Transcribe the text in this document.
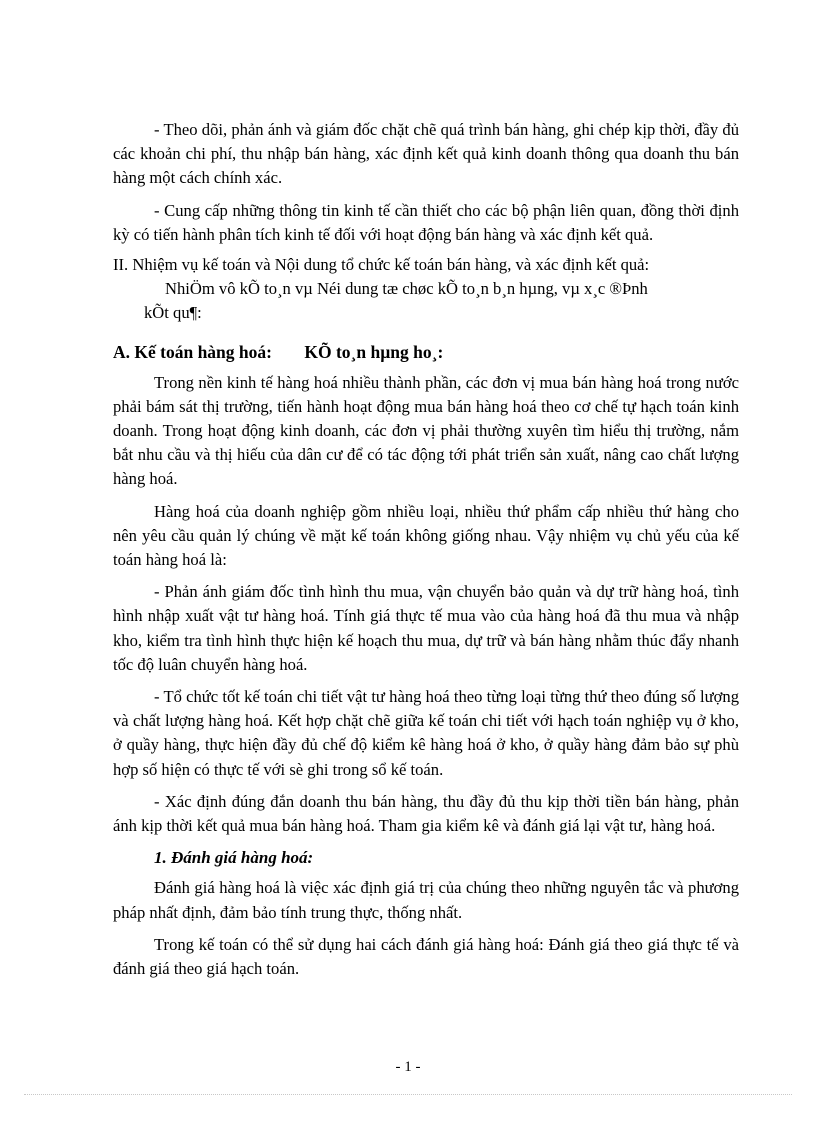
- Theo dõi, phản ánh và giám đốc chặt chẽ quá trình bán hàng, ghi chép kịp thời, đầy đủ các khoản chi phí, thu nhập bán hàng, xác định kết quả kinh doanh thông qua doanh thu bán hàng một cách chính xác.

- Cung cấp những thông tin kinh tế cần thiết cho các bộ phận liên quan, đồng thời định kỳ có tiến hành phân tích kinh tế đối với hoạt động bán hàng và xác định kết quả.

II. Nhiệm vụ kế toán và Nội dung tổ chức kế toán bán hàng, và xác định kết quả:

NhiÖm vô kÕ to¸n vµ Néi dung tæ chøc kÕ to¸n b¸n hµng, vµ x¸c ®Þnh
kÕt qu¶:

A. Kế toán hàng hoá: KÕ to¸n hµng ho¸:

Trong nền kinh tế hàng hoá nhiều thành phần, các đơn vị mua bán hàng hoá trong nước phải bám sát thị trường, tiến hành hoạt động mua bán hàng hoá theo cơ chế tự hạch toán kinh doanh. Trong hoạt động kinh doanh, các đơn vị phải thường xuyên tìm hiểu thị trường, nắm bắt nhu cầu và thị hiếu của dân cư để có tác động tới phát triển sản xuất, nâng cao chất lượng hàng hoá.

Hàng hoá của doanh nghiệp gồm nhiều loại, nhiều thứ phẩm cấp nhiều thứ hàng cho nên yêu cầu quản lý chúng về mặt kế toán không giống nhau. Vậy nhiệm vụ chủ yếu của kế toán hàng hoá là:

- Phản ánh giám đốc tình hình thu mua, vận chuyển bảo quản và dự trữ hàng hoá, tình hình nhập xuất vật tư hàng hoá. Tính giá thực tế mua vào của hàng hoá đã thu mua và nhập kho, kiểm tra tình hình thực hiện kế hoạch thu mua, dự trữ và bán hàng nhằm thúc đẩy nhanh tốc độ luân chuyển hàng hoá.

- Tổ chức tốt kế toán chi tiết vật tư hàng hoá theo từng loại từng thứ theo đúng số lượng và chất lượng hàng hoá. Kết hợp chặt chẽ giữa kế toán chi tiết với hạch toán nghiệp vụ ở kho, ở quầy hàng, thực hiện đầy đủ chế độ kiểm kê hàng hoá ở kho, ở quầy hàng đảm bảo sự phù hợp số hiện có thực tế với sè ghi trong sổ kế toán.

- Xác định đúng đắn doanh thu bán hàng, thu đầy đủ thu kịp thời tiền bán hàng, phản ánh kịp thời kết quả mua bán hàng hoá. Tham gia kiểm kê và đánh giá lại vật tư, hàng hoá.

1. Đánh giá hàng hoá:

Đánh giá hàng hoá là việc xác định giá trị của chúng theo những nguyên tắc và phương pháp nhất định, đảm bảo tính trung thực, thống nhất.

Trong kế toán có thể sử dụng hai cách đánh giá hàng hoá: Đánh giá theo giá thực tế và đánh giá theo giá hạch toán.

- 1 -
